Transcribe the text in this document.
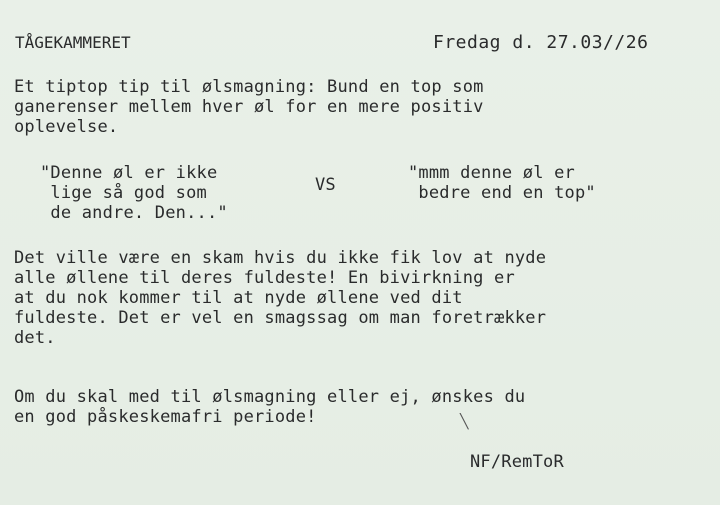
TÅGEKAMMERET	Fredag d. 27.03//26
Et tiptop tip til ølsmagning: Bund en top som
ganerenser mellem hver øl for en mere positiv
oplevelse.
"Denne øl er ikke
lige så god som
de andre. Den..."
VS
"mmm denne øl er
bedre end en top"
Det ville være en skam hvis du ikke fik lov at nyde
alle øllene til deres fuldeste! En bivirkning er
at du nok kommer til at nyde øllene ved dit
fuldeste. Det er vel en smagssag om man foretrækker
det.
Om du skal med til ølsmagning eller ej, ønskes du
en god påskeskemafri periode!	╲
NF/RemToR
